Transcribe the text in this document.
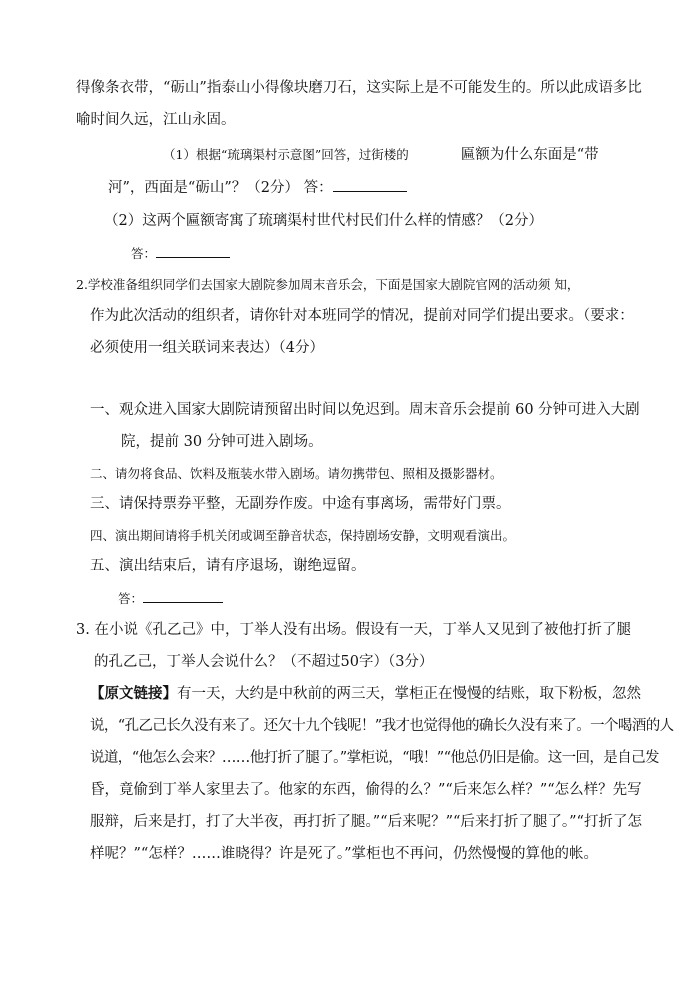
得像条衣带，“砺山”指泰山小得像块磨刀石，这实际上是不可能发生的。所以此成语多比
喻时间久远，江山永固。
（1）根据“琉璃渠村示意图”回答，过街楼的	匾额为什么东面是“带
河”，西面是“砺山”？（2分） 答：
（2）这两个匾额寄寓了琉璃渠村世代村民们什么样的情感？（2分）
答：
2.学校准备组织同学们去国家大剧院参加周末音乐会，下面是国家大剧院官网的活动须 知，
作为此次活动的组织者，请你针对本班同学的情况，提前对同学们提出要求。（要求：
必须使用一组关联词来表达）（4分）
一、观众进入国家大剧院请预留出时间以免迟到。周末音乐会提前 60 分钟可进入大剧
院，提前 30 分钟可进入剧场。
二、请勿将食品、饮料及瓶装水带入剧场。请勿携带包、照相及摄影器材。
三、请保持票券平整，无副券作废。中途有事离场，需带好门票。
四、演出期间请将手机关闭或调至静音状态，保持剧场安静，文明观看演出。
五、演出结束后，请有序退场，谢绝逗留。
答：
3. 在小说《孔乙己》中，丁举人没有出场。假设有一天，丁举人又见到了被他打折了腿
的孔乙己，丁举人会说什么？（不超过50字）（3分）
【原文链接】有一天，大约是中秋前的两三天，掌柜正在慢慢的结账，取下粉板，忽然
说，“孔乙己长久没有来了。还欠十九个钱呢！”我才也觉得他的确长久没有来了。一个喝酒的人
说道，“他怎么会来？……他打折了腿了。”掌柜说，“哦！”“他总仍旧是偷。这一回，是自己发
昏，竟偷到丁举人家里去了。他家的东西，偷得的么？”“后来怎么样？”“怎么样？先写
服辩，后来是打，打了大半夜，再打折了腿。”“后来呢？”“后来打折了腿了。”“打折了怎
样呢？”“怎样？……谁晓得？许是死了。”掌柜也不再问，仍然慢慢的算他的帐。
